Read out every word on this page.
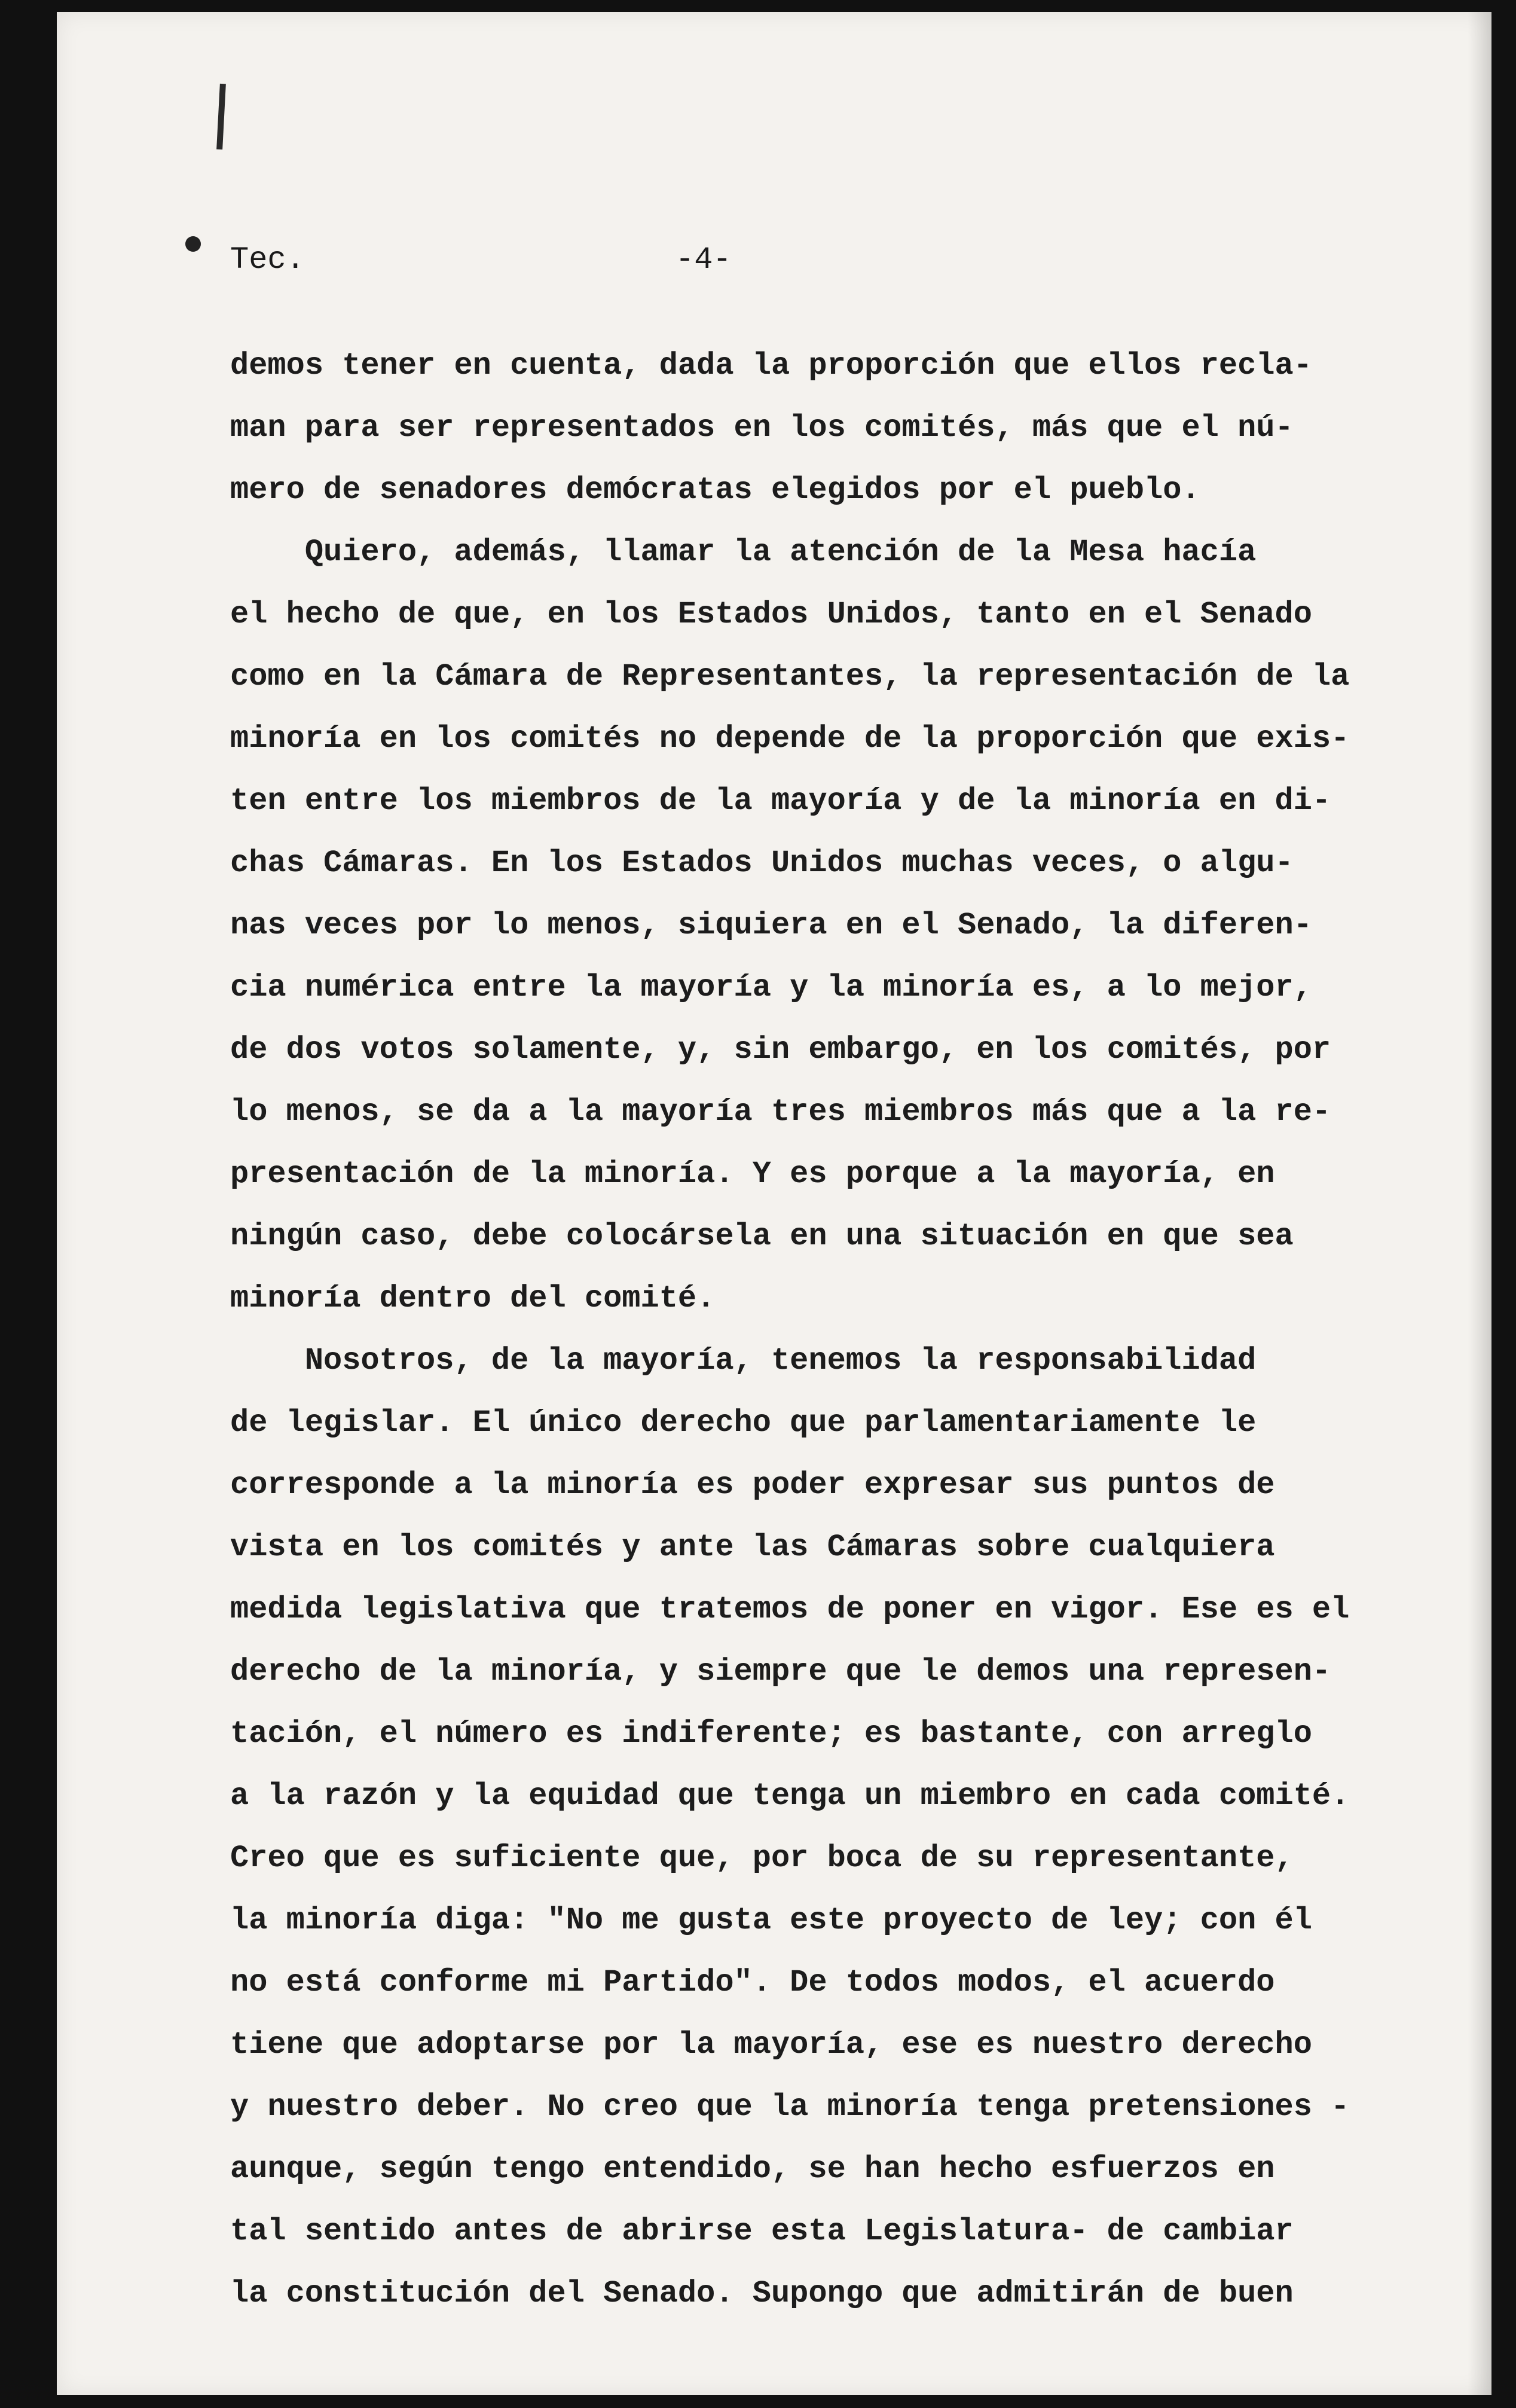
Tec.	-4-
demos tener en cuenta, dada la proporción que ellos recla-
man para ser representados en los comités, más que el nú-
mero de senadores demócratas elegidos por el pueblo.
Quiero, además, llamar la atención de la Mesa hacía
el hecho de que, en los Estados Unidos, tanto en el Senado
como en la Cámara de Representantes, la representación de la
minoría en los comités no depende de la proporción que exis-
ten entre los miembros de la mayoría y de la minoría en di-
chas Cámaras. En los Estados Unidos muchas veces, o algu-
nas veces por lo menos, siquiera en el Senado, la diferen-
cia numérica entre la mayoría y la minoría es, a lo mejor,
de dos votos solamente, y, sin embargo, en los comités, por
lo menos, se da a la mayoría tres miembros más que a la re-
presentación de la minoría. Y es porque a la mayoría, en
ningún caso, debe colocársela en una situación en que sea
minoría dentro del comité.
Nosotros, de la mayoría, tenemos la responsabilidad
de legislar. El único derecho que parlamentariamente le
corresponde a la minoría es poder expresar sus puntos de
vista en los comités y ante las Cámaras sobre cualquiera
medida legislativa que tratemos de poner en vigor. Ese es el
derecho de la minoría, y siempre que le demos una represen-
tación, el número es indiferente; es bastante, con arreglo
a la razón y la equidad que tenga un miembro en cada comité.
Creo que es suficiente que, por boca de su representante,
la minoría diga: "No me gusta este proyecto de ley; con él
no está conforme mi Partido". De todos modos, el acuerdo
tiene que adoptarse por la mayoría, ese es nuestro derecho
y nuestro deber. No creo que la minoría tenga pretensiones -
aunque, según tengo entendido, se han hecho esfuerzos en
tal sentido antes de abrirse esta Legislatura- de cambiar
la constitución del Senado. Supongo que admitirán de buen
